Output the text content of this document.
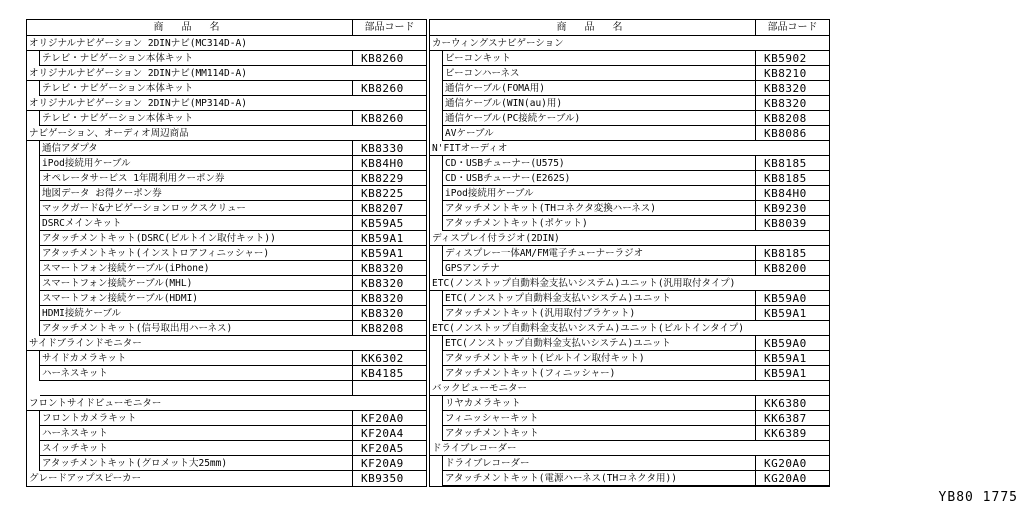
商 品 名	部品コード
オリジナルナビゲーション 2DINナビ(MC314D-A)
テレビ・ナビゲーション本体キット	KB8260
オリジナルナビゲーション 2DINナビ(MM114D-A)
テレビ・ナビゲーション本体キット	KB8260
オリジナルナビゲーション 2DINナビ(MP314D-A)
テレビ・ナビゲーション本体キット	KB8260
ナビゲーション、オーディオ周辺商品
通信アダプタ	KB8330
iPod接続用ケーブル	KB84H0
オペレータサービス 1年間利用クーポン券	KB8229
地図データ お得クーポン券	KB8225
マックガード&ナビゲーションロックスクリュー	KB8207
DSRCメインキット	KB59A5
アタッチメントキット(DSRC(ビルトイン取付キット))	KB59A1
アタッチメントキット(インストロアフィニッシャー)	KB59A1
スマートフォン接続ケーブル(iPhone)	KB8320
スマートフォン接続ケーブル(MHL)	KB8320
スマートフォン接続ケーブル(HDMI)	KB8320
HDMI接続ケーブル	KB8320
アタッチメントキット(信号取出用ハーネス)	KB8208
サイドブラインドモニター
サイドカメラキット	KK6302
ハーネスキット	KB4185
フロントサイドビューモニター
フロントカメラキット	KF20A0
ハーネスキット	KF20A4
スイッチキット	KF20A5
アタッチメントキット(グロメット大25mm)	KF20A9
グレードアップスピーカー	KB9350
商 品 名	部品コード
カーウィングスナビゲーション
ビーコンキット	KB5902
ビーコンハーネス	KB8210
通信ケーブル(FOMA用)	KB8320
通信ケーブル(WIN(au)用)	KB8320
通信ケーブル(PC接続ケーブル)	KB8208
AVケーブル	KB8086
N'FITオーディオ
CD・USBチューナー(U575)	KB8185
CD・USBチューナー(E262S)	KB8185
iPod接続用ケーブル	KB84H0
アタッチメントキット(THコネクタ変換ハーネス)	KB9230
アタッチメントキット(ポケット)	KB8039
ディスプレイ付ラジオ(2DIN)
ディスプレー一体AM/FM電子チューナーラジオ	KB8185
GPSアンテナ	KB8200
ETC(ノンストップ自動料金支払いシステム)ユニット(汎用取付タイプ)
ETC(ノンストップ自動料金支払いシステム)ユニット	KB59A0
アタッチメントキット(汎用取付ブラケット)	KB59A1
ETC(ノンストップ自動料金支払いシステム)ユニット(ビルトインタイプ)
ETC(ノンストップ自動料金支払いシステム)ユニット	KB59A0
アタッチメントキット(ビルトイン取付キット)	KB59A1
アタッチメントキット(フィニッシャー)	KB59A1
バックビューモニター
リヤカメラキット	KK6380
フィニッシャーキット	KK6387
アタッチメントキット	KK6389
ドライブレコーダー
ドライブレコーダー	KG20A0
アタッチメントキット(電源ハーネス(THコネクタ用))	KG20A0
YB80 1775
